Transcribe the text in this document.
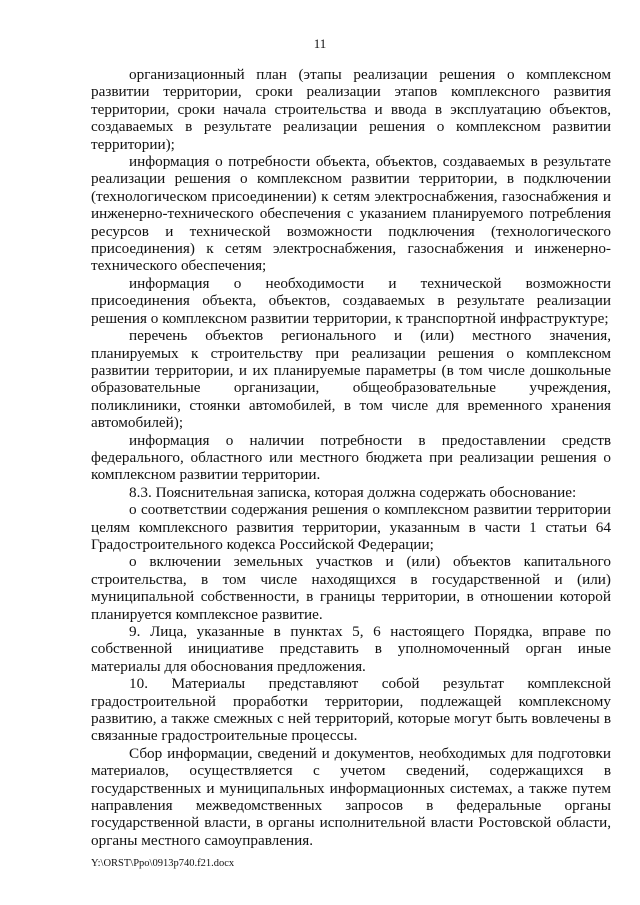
11

организационный план (этапы реализации решения о комплексном развитии территории, сроки реализации этапов комплексного развития территории, сроки начала строительства и ввода в эксплуатацию объектов, создаваемых в результате реализации решения о комплексном развитии территории);

информация о потребности объекта, объектов, создаваемых в результате реализации решения о комплексном развитии территории, в подключении (технологическом присоединении) к сетям электроснабжения, газоснабжения и инженерно-технического обеспечения с указанием планируемого потребления ресурсов и технической возможности подключения (технологического присоединения) к сетям электроснабжения, газоснабжения и инженерно-технического обеспечения;

информация о необходимости и технической возможности присоединения объекта, объектов, создаваемых в результате реализации решения о комплексном развитии территории, к транспортной инфраструктуре;

перечень объектов регионального и (или) местного значения, планируемых к строительству при реализации решения о комплексном развитии территории, и их планируемые параметры (в том числе дошкольные образовательные организации, общеобразовательные учреждения, поликлиники, стоянки автомобилей, в том числе для временного хранения автомобилей);

информация о наличии потребности в предоставлении средств федерального, областного или местного бюджета при реализации решения о комплексном развитии территории.

8.3. Пояснительная записка, которая должна содержать обоснование:

о соответствии содержания решения о комплексном развитии территории целям комплексного развития территории, указанным в части 1 статьи 64 Градостроительного кодекса Российской Федерации;

о включении земельных участков и (или) объектов капитального строительства, в том числе находящихся в государственной и (или) муниципальной собственности, в границы территории, в отношении которой планируется комплексное развитие.

9. Лица, указанные в пунктах 5, 6 настоящего Порядка, вправе по собственной инициативе представить в уполномоченный орган иные материалы для обоснования предложения.

10. Материалы представляют собой результат комплексной градостроительной проработки территории, подлежащей комплексному развитию, а также смежных с ней территорий, которые могут быть вовлечены в связанные градостроительные процессы.

Сбор информации, сведений и документов, необходимых для подготовки материалов, осуществляется с учетом сведений, содержащихся в государственных и муниципальных информационных системах, а также путем направления межведомственных запросов в федеральные органы государственной власти, в органы исполнительной власти Ростовской области, органы местного самоуправления.

Y:\ORST\Ppo\0913p740.f21.docx
